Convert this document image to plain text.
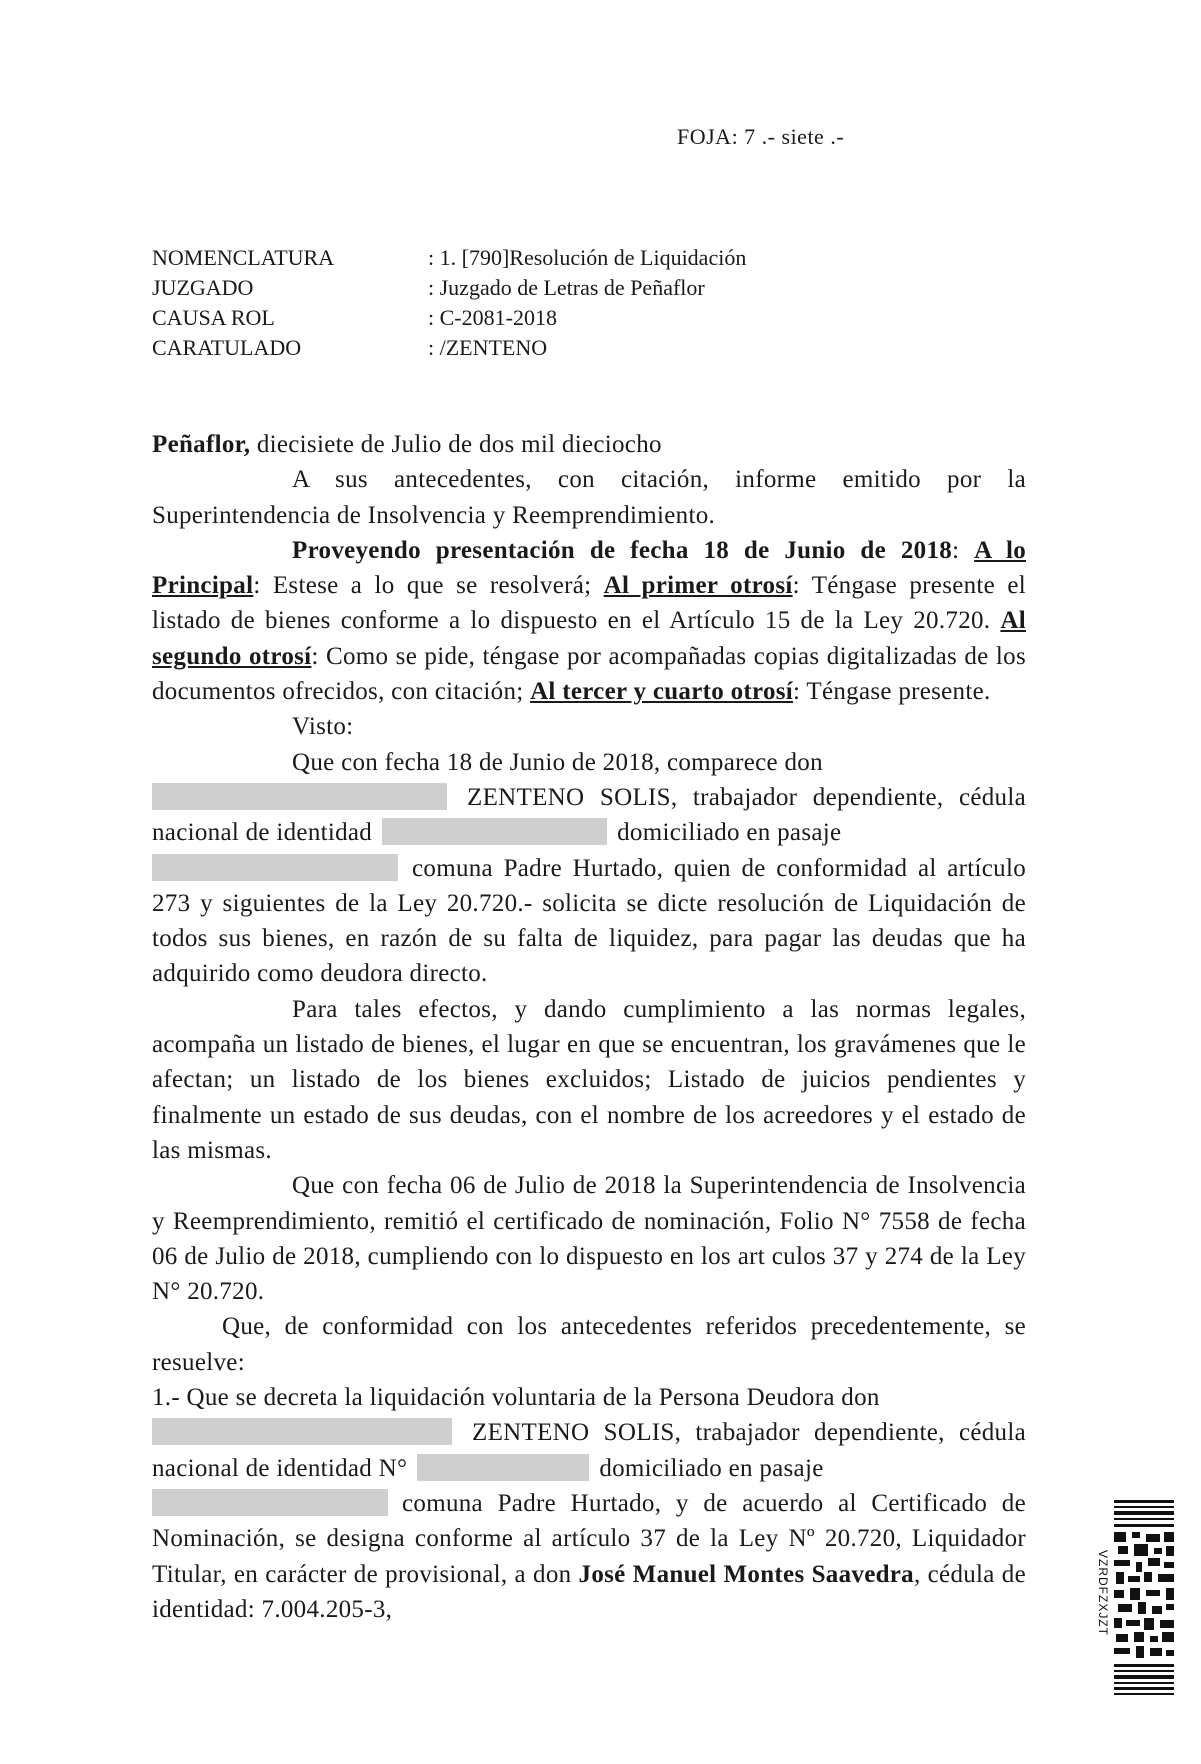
FOJA: 7 .- siete .-
NOMENCLATURA	: 1. [790]Resolución de Liquidación
JUZGADO	: Juzgado de Letras de Peñaflor
CAUSA ROL	: C-2081-2018
CARATULADO	: /ZENTENO

Peñaflor, diecisiete de Julio de dos mil dieciocho

A sus antecedentes, con citación, informe emitido por la Superintendencia de Insolvencia y Reemprendimiento.

Proveyendo presentación de fecha 18 de Junio de 2018: A lo Principal: Estese a lo que se resolverá; Al primer otrosí: Téngase presente el listado de bienes conforme a lo dispuesto en el Artículo 15 de la Ley 20.720. Al segundo otrosí: Como se pide, téngase por acompañadas copias digitalizadas de los documentos ofrecidos, con citación; Al tercer y cuarto otrosí: Téngase presente.

Visto:

Que con fecha 18 de Junio de 2018, comparece don
ZENTENO SOLIS, trabajador dependiente, cédula nacional de identidad	domiciliado en pasaje
comuna Padre Hurtado, quien de conformidad al artículo 273 y siguientes de la Ley 20.720.- solicita se dicte resolución de Liquidación de todos sus bienes, en razón de su falta de liquidez, para pagar las deudas que ha adquirido como deudora directo.

Para tales efectos, y dando cumplimiento a las normas legales, acompaña un listado de bienes, el lugar en que se encuentran, los gravámenes que le afectan; un listado de los bienes excluidos; Listado de juicios pendientes y finalmente un estado de sus deudas, con el nombre de los acreedores y el estado de las mismas.

Que con fecha 06 de Julio de 2018 la Superintendencia de Insolvencia y Reemprendimiento, remitió el certificado de nominación, Folio N° 7558 de fecha 06 de Julio de 2018, cumpliendo con lo dispuesto en los art culos 37 y 274 de la Ley N° 20.720.

Que, de conformidad con los antecedentes referidos precedentemente, se resuelve:

1.- Que se decreta la liquidación voluntaria de la Persona Deudora don
ZENTENO SOLIS, trabajador dependiente, cédula nacional de identidad N°	domiciliado en pasaje
comuna Padre Hurtado, y de acuerdo al Certificado de Nominación, se designa conforme al artículo 37 de la Ley Nº 20.720, Liquidador Titular, en carácter de provisional, a don José Manuel Montes Saavedra, cédula de identidad: 7.004.205-3,	VZRDFZXJZT
